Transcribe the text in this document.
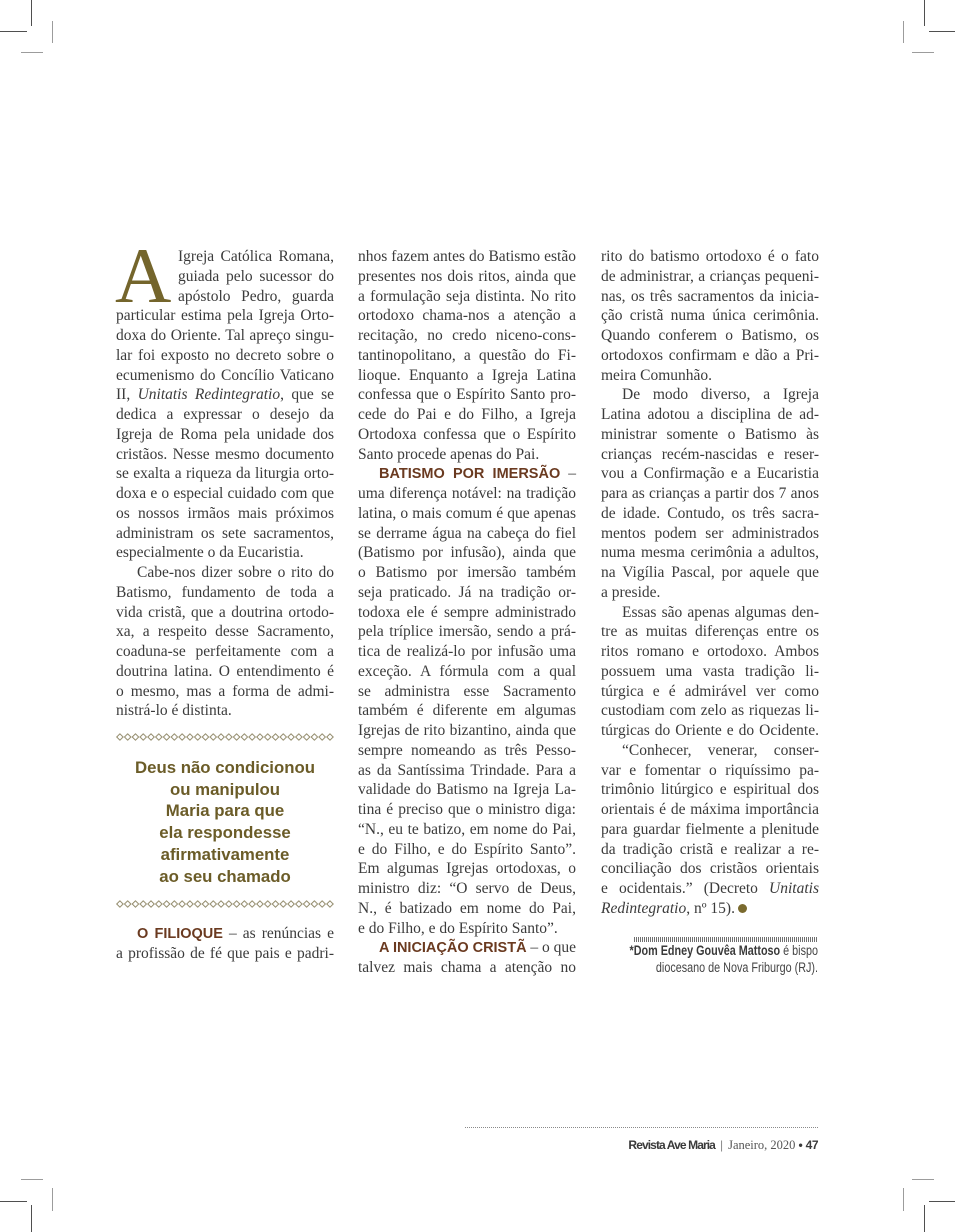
A Igreja Católica Romana,
guiada pelo sucessor do
apóstolo Pedro, guarda
particular estima pela Igreja Orto-
doxa do Oriente. Tal apreço singu-
lar foi exposto no decreto sobre o
ecumenismo do Concílio Vaticano
II, Unitatis Redintegratio, que se
dedica a expressar o desejo da
Igreja de Roma pela unidade dos
cristãos. Nesse mesmo documento
se exalta a riqueza da liturgia orto-
doxa e o especial cuidado com que
os nossos irmãos mais próximos
administram os sete sacramentos,
especialmente o da Eucaristia.
Cabe-nos dizer sobre o rito do
Batismo, fundamento de toda a
vida cristã, que a doutrina ortodo-
xa, a respeito desse Sacramento,
coaduna-se perfeitamente com a
doutrina latina. O entendimento é
o mesmo, mas a forma de admi-
nistrá-lo é distinta.
Deus não condicionou
ou manipulou
Maria para que
ela respondesse
afirmativamente
ao seu chamado
O FILIOQUE – as renúncias e
a profissão de fé que pais e padri-
nhos fazem antes do Batismo estão
presentes nos dois ritos, ainda que
a formulação seja distinta. No rito
ortodoxo chama-nos a atenção a
recitação, no credo niceno-cons-
tantinopolitano, a questão do Fi-
lioque. Enquanto a Igreja Latina
confessa que o Espírito Santo pro-
cede do Pai e do Filho, a Igreja
Ortodoxa confessa que o Espírito
Santo procede apenas do Pai.
BATISMO POR IMERSÃO –
uma diferença notável: na tradição
latina, o mais comum é que apenas
se derrame água na cabeça do fiel
(Batismo por infusão), ainda que
o Batismo por imersão também
seja praticado. Já na tradição or-
todoxa ele é sempre administrado
pela tríplice imersão, sendo a prá-
tica de realizá-lo por infusão uma
exceção. A fórmula com a qual
se administra esse Sacramento
também é diferente em algumas
Igrejas de rito bizantino, ainda que
sempre nomeando as três Pesso-
as da Santíssima Trindade. Para a
validade do Batismo na Igreja La-
tina é preciso que o ministro diga:
“N., eu te batizo, em nome do Pai,
e do Filho, e do Espírito Santo”.
Em algumas Igrejas ortodoxas, o
ministro diz: “O servo de Deus,
N., é batizado em nome do Pai,
e do Filho, e do Espírito Santo”.
A INICIAÇÃO CRISTÃ – o que
talvez mais chama a atenção no
rito do batismo ortodoxo é o fato
de administrar, a crianças pequeni-
nas, os três sacramentos da inicia-
ção cristã numa única cerimônia.
Quando conferem o Batismo, os
ortodoxos confirmam e dão a Pri-
meira Comunhão.
De modo diverso, a Igreja
Latina adotou a disciplina de ad-
ministrar somente o Batismo às
crianças recém-nascidas e reser-
vou a Confirmação e a Eucaristia
para as crianças a partir dos 7 anos
de idade. Contudo, os três sacra-
mentos podem ser administrados
numa mesma cerimônia a adultos,
na Vigília Pascal, por aquele que
a preside.
Essas são apenas algumas den-
tre as muitas diferenças entre os
ritos romano e ortodoxo. Ambos
possuem uma vasta tradição li-
túrgica e é admirável ver como
custodiam com zelo as riquezas li-
túrgicas do Oriente e do Ocidente.
“Conhecer, venerar, conser-
var e fomentar o riquíssimo pa-
trimônio litúrgico e espiritual dos
orientais é de máxima importância
para guardar fielmente a plenitude
da tradição cristã e realizar a re-
conciliação dos cristãos orientais
e ocidentais.” (Decreto Unitatis
Redintegratio, nº 15).
*Dom Edney Gouvêa Mattoso é bispo
diocesano de Nova Friburgo (RJ).
Revista Ave Maria | Janeiro, 2020 • 47
